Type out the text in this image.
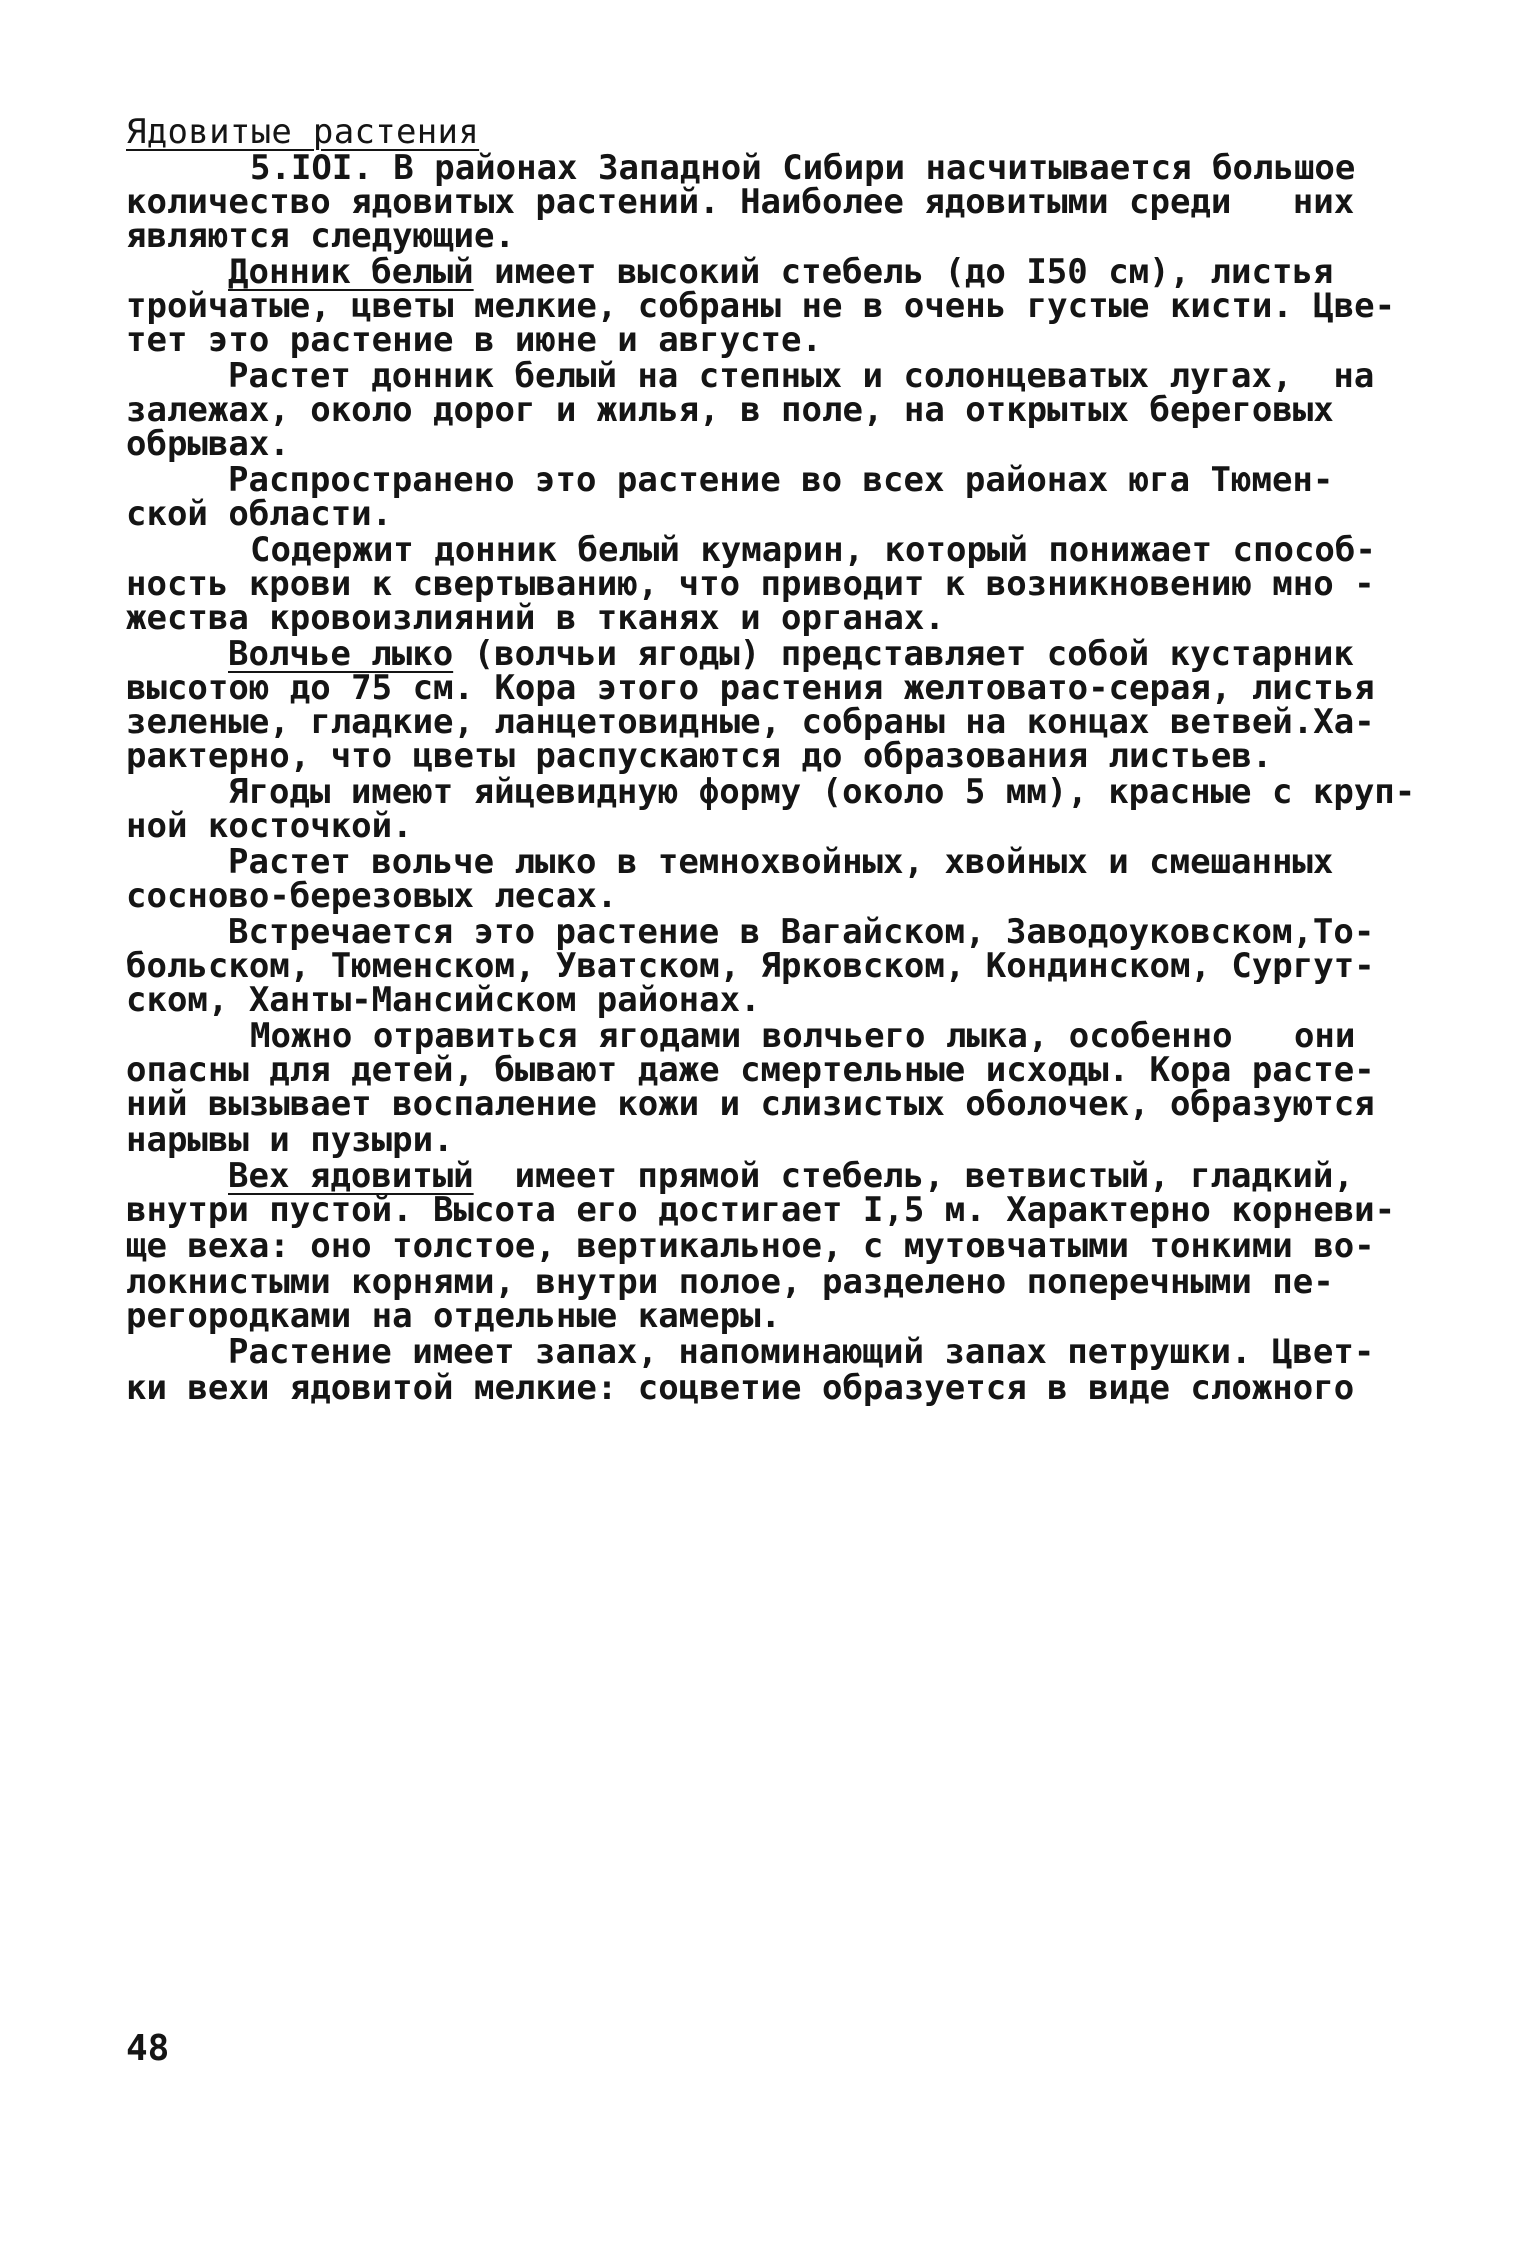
Ядовитые растения
5.IOI. В районах Западной Сибири насчитывается большое
количество ядовитых растений. Наиболее ядовитыми среди   них
являются следующие.
Донник белый имеет высокий стебель (до I50 см), листья
тройчатые, цветы мелкие, собраны не в очень густые кисти. Цве-
тет это растение в июне и августе.
Растет донник белый на степных и солонцеватых лугах,  на
залежах, около дорог и жилья, в поле, на открытых береговых
обрывах.
Распространено это растение во всех районах юга Тюмен-
ской области.
Содержит донник белый кумарин, который понижает способ-
ность крови к свертыванию, что приводит к возникновению мно -
жества кровоизлияний в тканях и органах.
Волчье лыко (волчьи ягоды) представляет собой кустарник
высотою до 75 см. Кора этого растения желтовато-серая, листья
зеленые, гладкие, ланцетовидные, собраны на концах ветвей.Ха-
рактерно, что цветы распускаются до образования листьев.
Ягоды имеют яйцевидную форму (около 5 мм), красные с круп-
ной косточкой.
Растет вольче лыко в темнохвойных, хвойных и смешанных
сосново-березовых лесах.
Встречается это растение в Вагайском, Заводоуковском,То-
больском, Тюменском, Уватском, Ярковском, Кондинском, Сургут-
ском, Ханты-Мансийском районах.
Можно отравиться ягодами волчьего лыка, особенно   они
опасны для детей, бывают даже смертельные исходы. Кора расте-
ний вызывает воспаление кожи и слизистых оболочек, образуются
нарывы и пузыри.
Вех ядовитый  имеет прямой стебель, ветвистый, гладкий,
внутри пустой. Высота его достигает I,5 м. Характерно корневи-
ще веха: оно толстое, вертикальное, с мутовчатыми тонкими во-
локнистыми корнями, внутри полое, разделено поперечными пе-
регородками на отдельные камеры.
Растение имеет запах, напоминающий запах петрушки. Цвет-
ки вехи ядовитой мелкие: соцветие образуется в виде сложного
48
